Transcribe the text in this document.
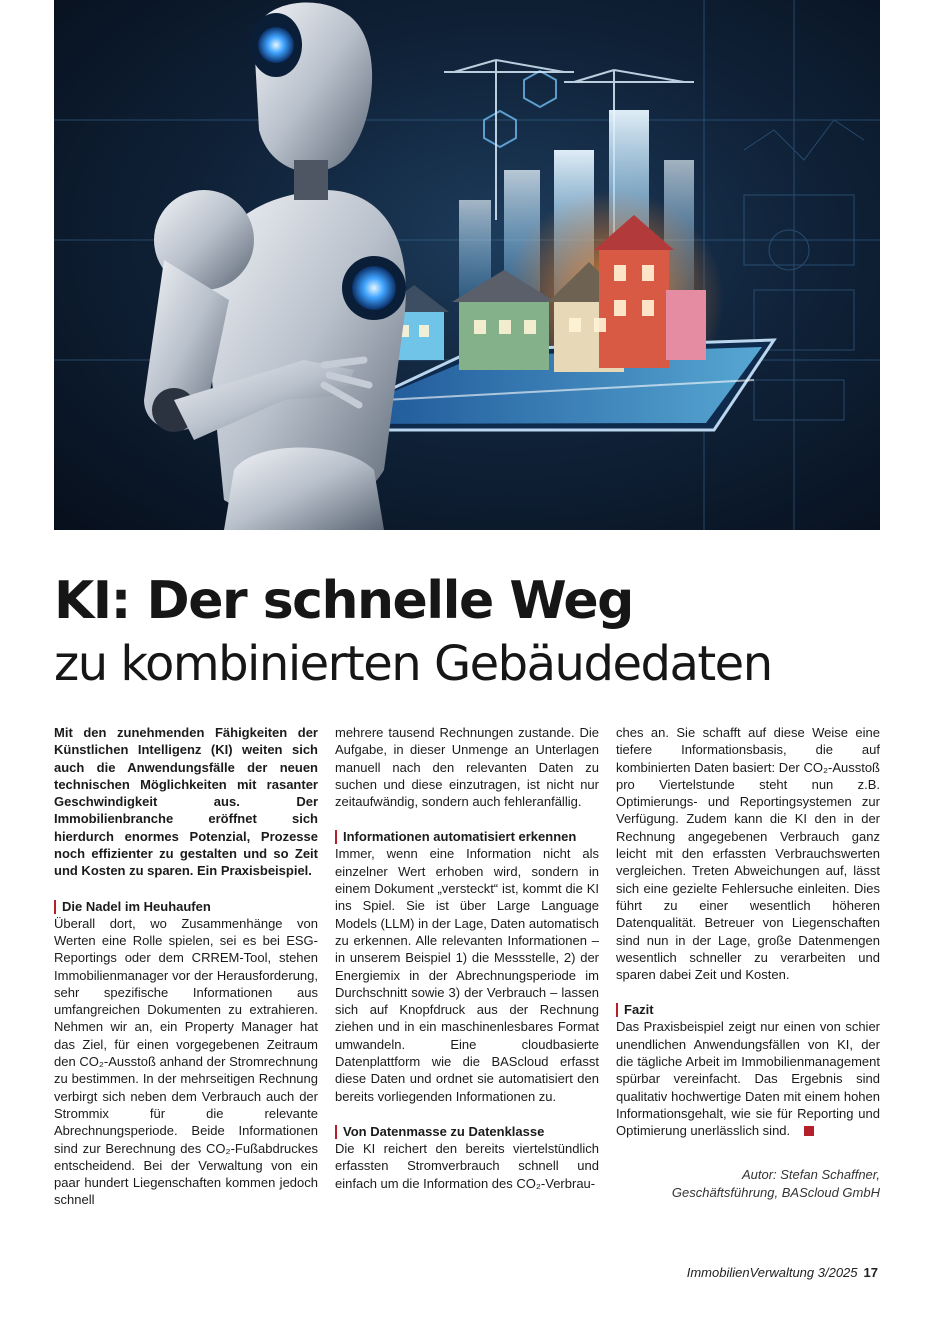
KI: Der schnelle Weg
zu kombinierten Gebäudedaten

Mit den zunehmenden Fähigkeiten der Künstlichen Intelligenz (KI) weiten sich auch die Anwendungsfälle der neuen technischen Möglichkeiten mit rasanter Geschwindigkeit aus. Der Immobilienbranche eröffnet sich hierdurch enormes Potenzial, Prozesse noch effizienter zu gestalten und so Zeit und Kosten zu sparen. Ein Praxisbeispiel.

Die Nadel im Heuhaufen

Überall dort, wo Zusammenhänge von Werten eine Rolle spielen, sei es bei ESG-Reportings oder dem CRREM-Tool, stehen Immobilienmanager vor der Herausforderung, sehr spezifische Informationen aus umfangreichen Dokumenten zu extrahieren. Nehmen wir an, ein Property Manager hat das Ziel, für einen vorgegebenen Zeitraum den CO₂-Ausstoß anhand der Stromrechnung zu bestimmen. In der mehrseitigen Rechnung verbirgt sich neben dem Verbrauch auch der Strommix für die relevante Abrechnungsperiode. Beide Informationen sind zur Berechnung des CO₂-Fußabdruckes entscheidend. Bei der Verwaltung von ein paar hundert Liegenschaften kommen jedoch schnell

mehrere tausend Rechnungen zustande. Die Aufgabe, in dieser Unmenge an Unterlagen manuell nach den relevanten Daten zu suchen und diese einzutragen, ist nicht nur zeitaufwändig, sondern auch fehleranfällig.

Informationen automatisiert erkennen

Immer, wenn eine Information nicht als einzelner Wert erhoben wird, sondern in einem Dokument „versteckt“ ist, kommt die KI ins Spiel. Sie ist über Large Language Models (LLM) in der Lage, Daten automatisch zu erkennen. Alle relevanten Informationen – in unserem Beispiel 1) die Messstelle, 2) der Energiemix in der Abrechnungsperiode im Durchschnitt sowie 3) der Verbrauch – lassen sich auf Knopfdruck aus der Rechnung ziehen und in ein maschinenlesbares Format umwandeln. Eine cloudbasierte Datenplattform wie die BAScloud erfasst diese Daten und ordnet sie automatisiert den bereits vorliegenden Informationen zu.

Von Datenmasse zu Datenklasse

Die KI reichert den bereits viertelstündlich erfassten Stromverbrauch schnell und einfach um die Information des CO₂-Verbrau-

ches an. Sie schafft auf diese Weise eine tiefere Informationsbasis, die auf kombinierten Daten basiert: Der CO₂-Ausstoß pro Viertelstunde steht nun z.B. Optimierungs- und Reportingsystemen zur Verfügung. Zudem kann die KI den in der Rechnung angegebenen Verbrauch ganz leicht mit den erfassten Verbrauchswerten vergleichen. Treten Abweichungen auf, lässt sich eine gezielte Fehlersuche einleiten. Dies führt zu einer wesentlich höheren Datenqualität. Betreuer von Liegenschaften sind nun in der Lage, große Datenmengen wesentlich schneller zu verarbeiten und sparen dabei Zeit und Kosten.

Fazit

Das Praxisbeispiel zeigt nur einen von schier unendlichen Anwendungsfällen von KI, der die tägliche Arbeit im Immobilienmanagement spürbar vereinfacht. Das Ergebnis sind qualitativ hochwertige Daten mit einem hohen Informationsgehalt, wie sie für Reporting und Optimierung unerlässlich sind.

Autor: Stefan Schaffner,
Geschäftsführung, BAScloud GmbH
ImmobilienVerwaltung 3/2025 17
